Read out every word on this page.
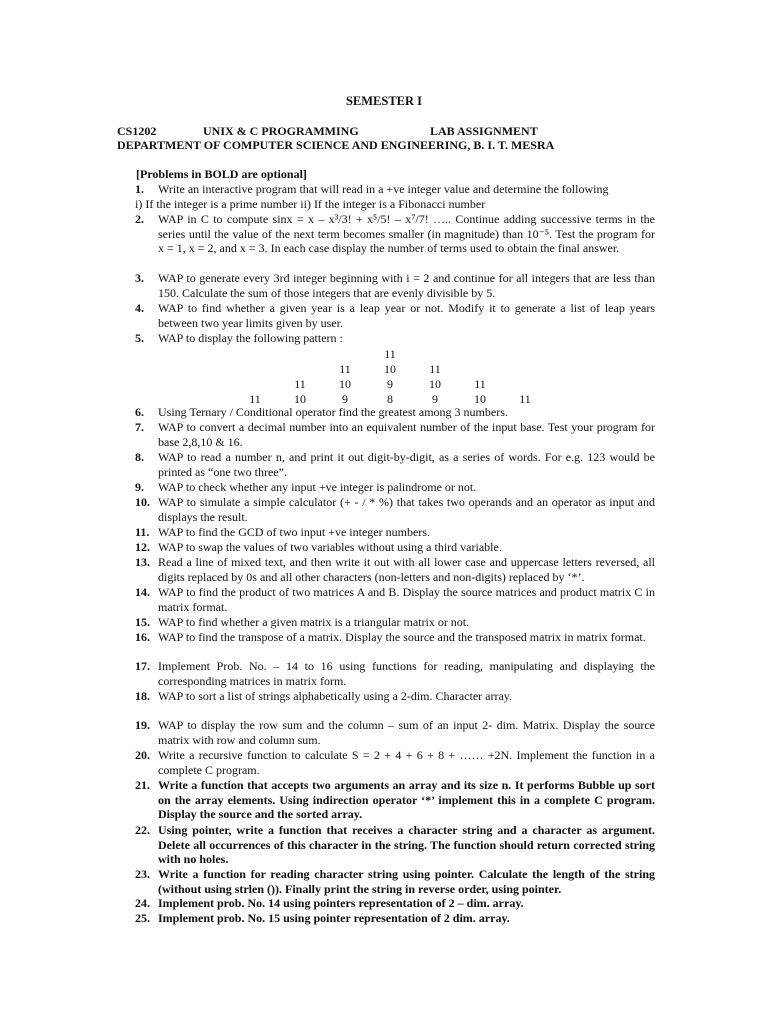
SEMESTER I
CS1202	UNIX & C PROGRAMMING	LAB ASSIGNMENT
DEPARTMENT OF COMPUTER SCIENCE AND ENGINEERING, B. I. T. MESRA
[Problems in BOLD are optional]
1.	Write an interactive program that will read in a +ve integer value and determine the following
i) If the integer is a prime number ii) If the integer is a Fibonacci number
2.	WAP in C to compute sinx = x – x³/3! + x⁵/5! – x⁷/7! ….. Continue adding successive terms in the series until the value of the next term becomes smaller (in magnitude) than 10⁻⁵. Test the program for x = 1, x = 2, and x = 3. In each case display the number of terms used to obtain the final answer.
3.	WAP to generate every 3rd integer beginning with i = 2 and continue for all integers that are less than 150. Calculate the sum of those integers that are evenly divisible by 5.
4.	WAP to find whether a given year is a leap year or not. Modify it to generate a list of leap years between two year limits given by user.
5.	WAP to display the following pattern :
11
11	10	11
11	10	9	10	11
11	10	9	8	9	10	11
6.	Using Ternary / Conditional operator find the greatest among 3 numbers.
7.	WAP to convert a decimal number into an equivalent number of the input base. Test your program for base 2,8,10 & 16.
8.	WAP to read a number n, and print it out digit-by-digit, as a series of words. For e.g. 123 would be printed as “one two three”.
9.	WAP to check whether any input +ve integer is palindrome or not.
10. WAP to simulate a simple calculator (+ - / * %) that takes two operands and an operator as input and displays the result.
11. WAP to find the GCD of two input +ve integer numbers.
12. WAP to swap the values of two variables without using a third variable.
13. Read a line of mixed text, and then write it out with all lower case and uppercase letters reversed, all digits replaced by 0s and all other characters (non-letters and non-digits) replaced by ‘*’.
14. WAP to find the product of two matrices A and B. Display the source matrices and product matrix C in matrix format.
15. WAP to find whether a given matrix is a triangular matrix or not.
16. WAP to find the transpose of a matrix. Display the source and the transposed matrix in matrix format.
17. Implement Prob. No. – 14 to 16 using functions for reading, manipulating and displaying the corresponding matrices in matrix form.
18. WAP to sort a list of strings alphabetically using a 2-dim. Character array.
19. WAP to display the row sum and the column – sum of an input 2- dim. Matrix. Display the source matrix with row and column sum.
20. Write a recursive function to calculate S = 2 + 4 + 6 + 8 + …… +2N. Implement the function in a complete C program.
21. Write a function that accepts two arguments an array and its size n. It performs Bubble up sort on the array elements. Using indirection operator ‘*’ implement this in a complete C program. Display the source and the sorted array.
22. Using pointer, write a function that receives a character string and a character as argument. Delete all occurrences of this character in the string. The function should return corrected string with no holes.
23. Write a function for reading character string using pointer. Calculate the length of the string (without using strlen ()). Finally print the string in reverse order, using pointer.
24. Implement prob. No. 14 using pointers representation of 2 – dim. array.
25. Implement prob. No. 15 using pointer representation of 2 dim. array.
